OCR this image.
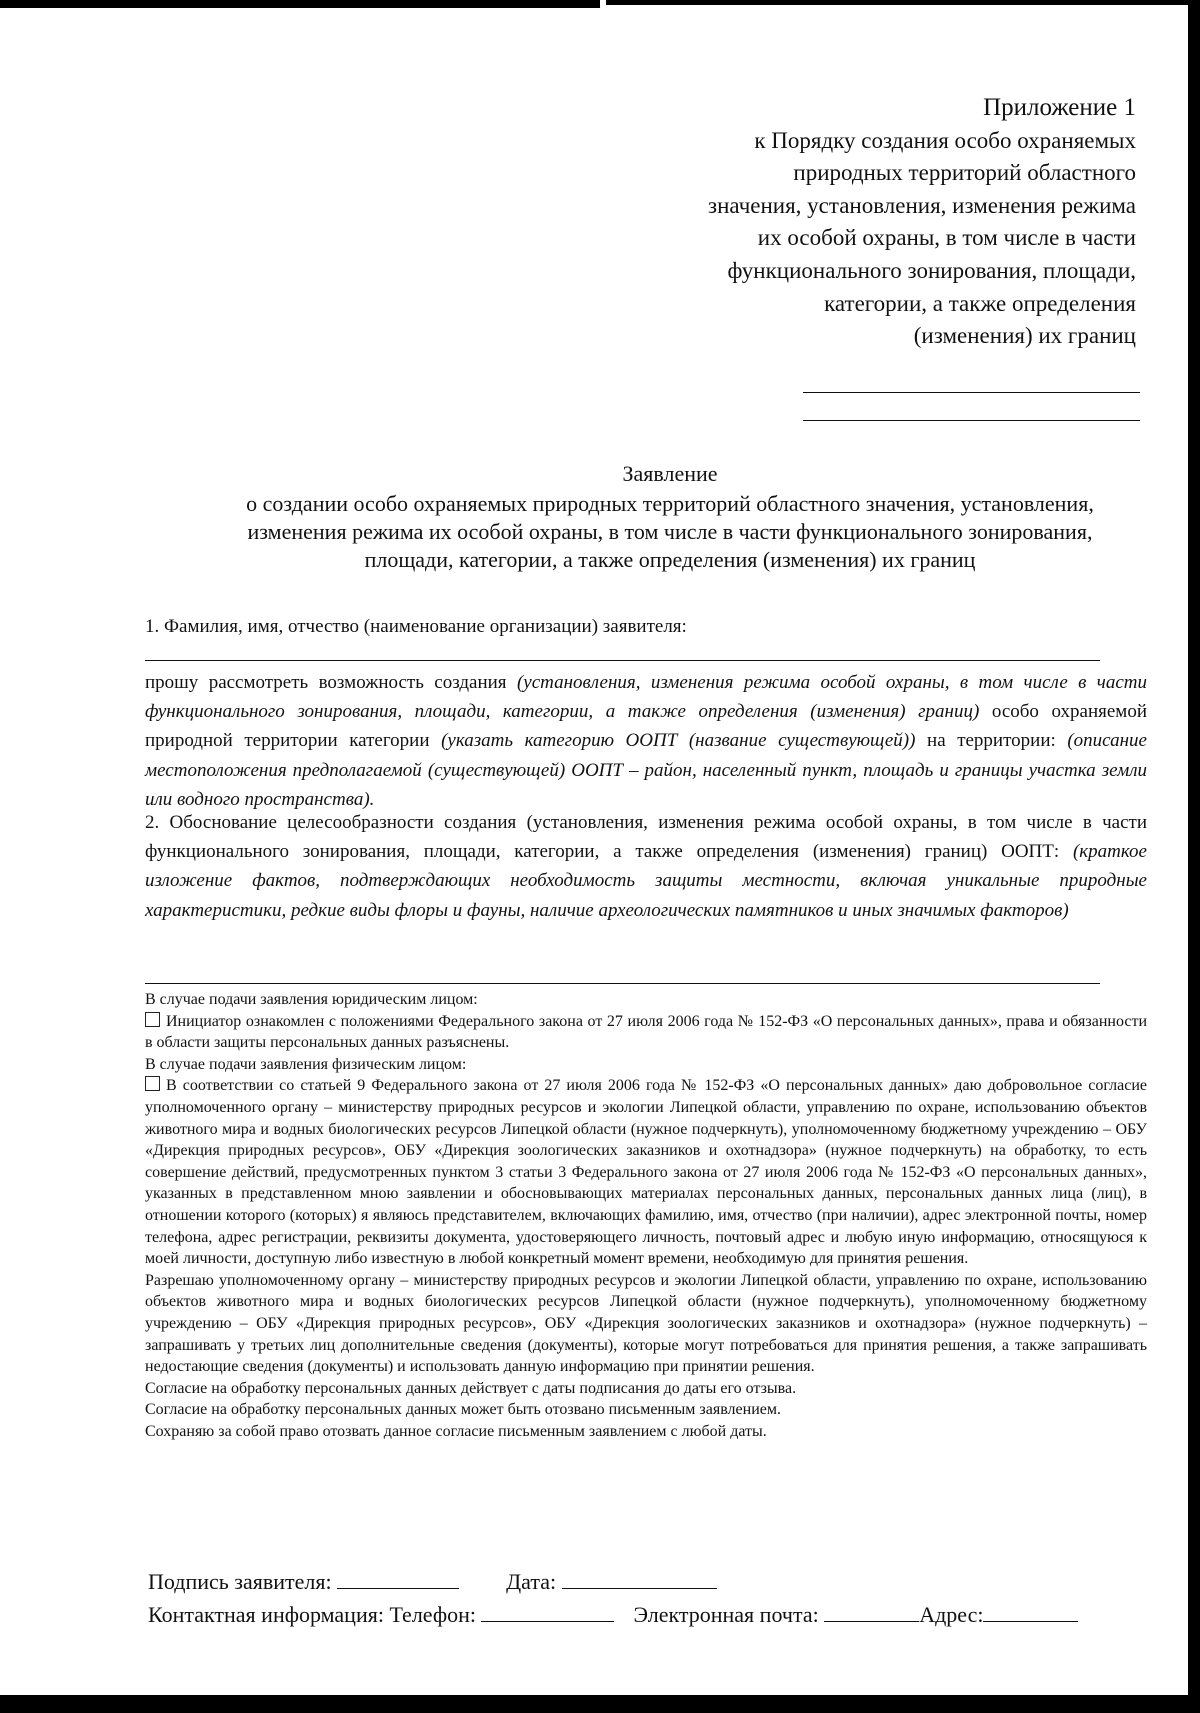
Приложение 1
к Порядку создания особо охраняемых
природных территорий областного
значения, установления, изменения режима
их особой охраны, в том числе в части
функционального зонирования, площади,
категории, а также определения
(изменения) их границ
Заявление
о создании особо охраняемых природных территорий областного значения, установления,
изменения режима их особой охраны, в том числе в части функционального зонирования,
площади, категории, а также определения (изменения) их границ
1. Фамилия, имя, отчество (наименование организации) заявителя:
прошу рассмотреть возможность создания (установления, изменения режима особой охраны, в том числе в части функционального зонирования, площади, категории, а также определения (изменения) границ) особо охраняемой природной территории категории (указать категорию ООПТ (название существующей)) на территории: (описание местоположения предполагаемой (существующей) ООПТ – район, населенный пункт, площадь и границы участка земли или водного пространства).
2. Обоснование целесообразности создания (установления, изменения режима особой охраны, в том числе в части функционального зонирования, площади, категории, а также определения (изменения) границ) ООПТ: (краткое изложение фактов, подтверждающих необходимость защиты местности, включая уникальные природные характеристики, редкие виды флоры и фауны, наличие археологических памятников и иных значимых факторов)

В случае подачи заявления юридическим лицом:

Инициатор ознакомлен с положениями Федерального закона от 27 июля 2006 года № 152-ФЗ «О персональных данных», права и обязанности в области защиты персональных данных разъяснены.

В случае подачи заявления физическим лицом:

В соответствии со статьей 9 Федерального закона от 27 июля 2006 года № 152-ФЗ «О персональных данных» даю добровольное согласие уполномоченного органу – министерству природных ресурсов и экологии Липецкой области, управлению по охране, использованию объектов животного мира и водных биологических ресурсов Липецкой области (нужное подчеркнуть), уполномоченному бюджетному учреждению – ОБУ «Дирекция природных ресурсов», ОБУ «Дирекция зоологических заказников и охотнадзора» (нужное подчеркнуть) на обработку, то есть совершение действий, предусмотренных пунктом 3 статьи 3 Федерального закона от 27 июля 2006 года № 152-ФЗ «О персональных данных», указанных в представленном мною заявлении и обосновывающих материалах персональных данных, персональных данных лица (лиц), в отношении которого (которых) я являюсь представителем, включающих фамилию, имя, отчество (при наличии), адрес электронной почты, номер телефона, адрес регистрации, реквизиты документа, удостоверяющего личность, почтовый адрес и любую иную информацию, относящуюся к моей личности, доступную либо известную в любой конкретный момент времени, необходимую для принятия решения.

Разрешаю уполномоченному органу – министерству природных ресурсов и экологии Липецкой области, управлению по охране, использованию объектов животного мира и водных биологических ресурсов Липецкой области (нужное подчеркнуть), уполномоченному бюджетному учреждению – ОБУ «Дирекция природных ресурсов», ОБУ «Дирекция зоологических заказников и охотнадзора» (нужное подчеркнуть) – запрашивать у третьих лиц дополнительные сведения (документы), которые могут потребоваться для принятия решения, а также запрашивать недостающие сведения (документы) и использовать данную информацию при принятии решения.

Согласие на обработку персональных данных действует с даты подписания до даты его отзыва.

Согласие на обработку персональных данных может быть отозвано письменным заявлением.

Сохраняю за собой право отозвать данное согласие письменным заявлением с любой даты.

Подпись заявителя:	Дата:
Контактная информация: Телефон:	Электронная почта:	Адрес:
